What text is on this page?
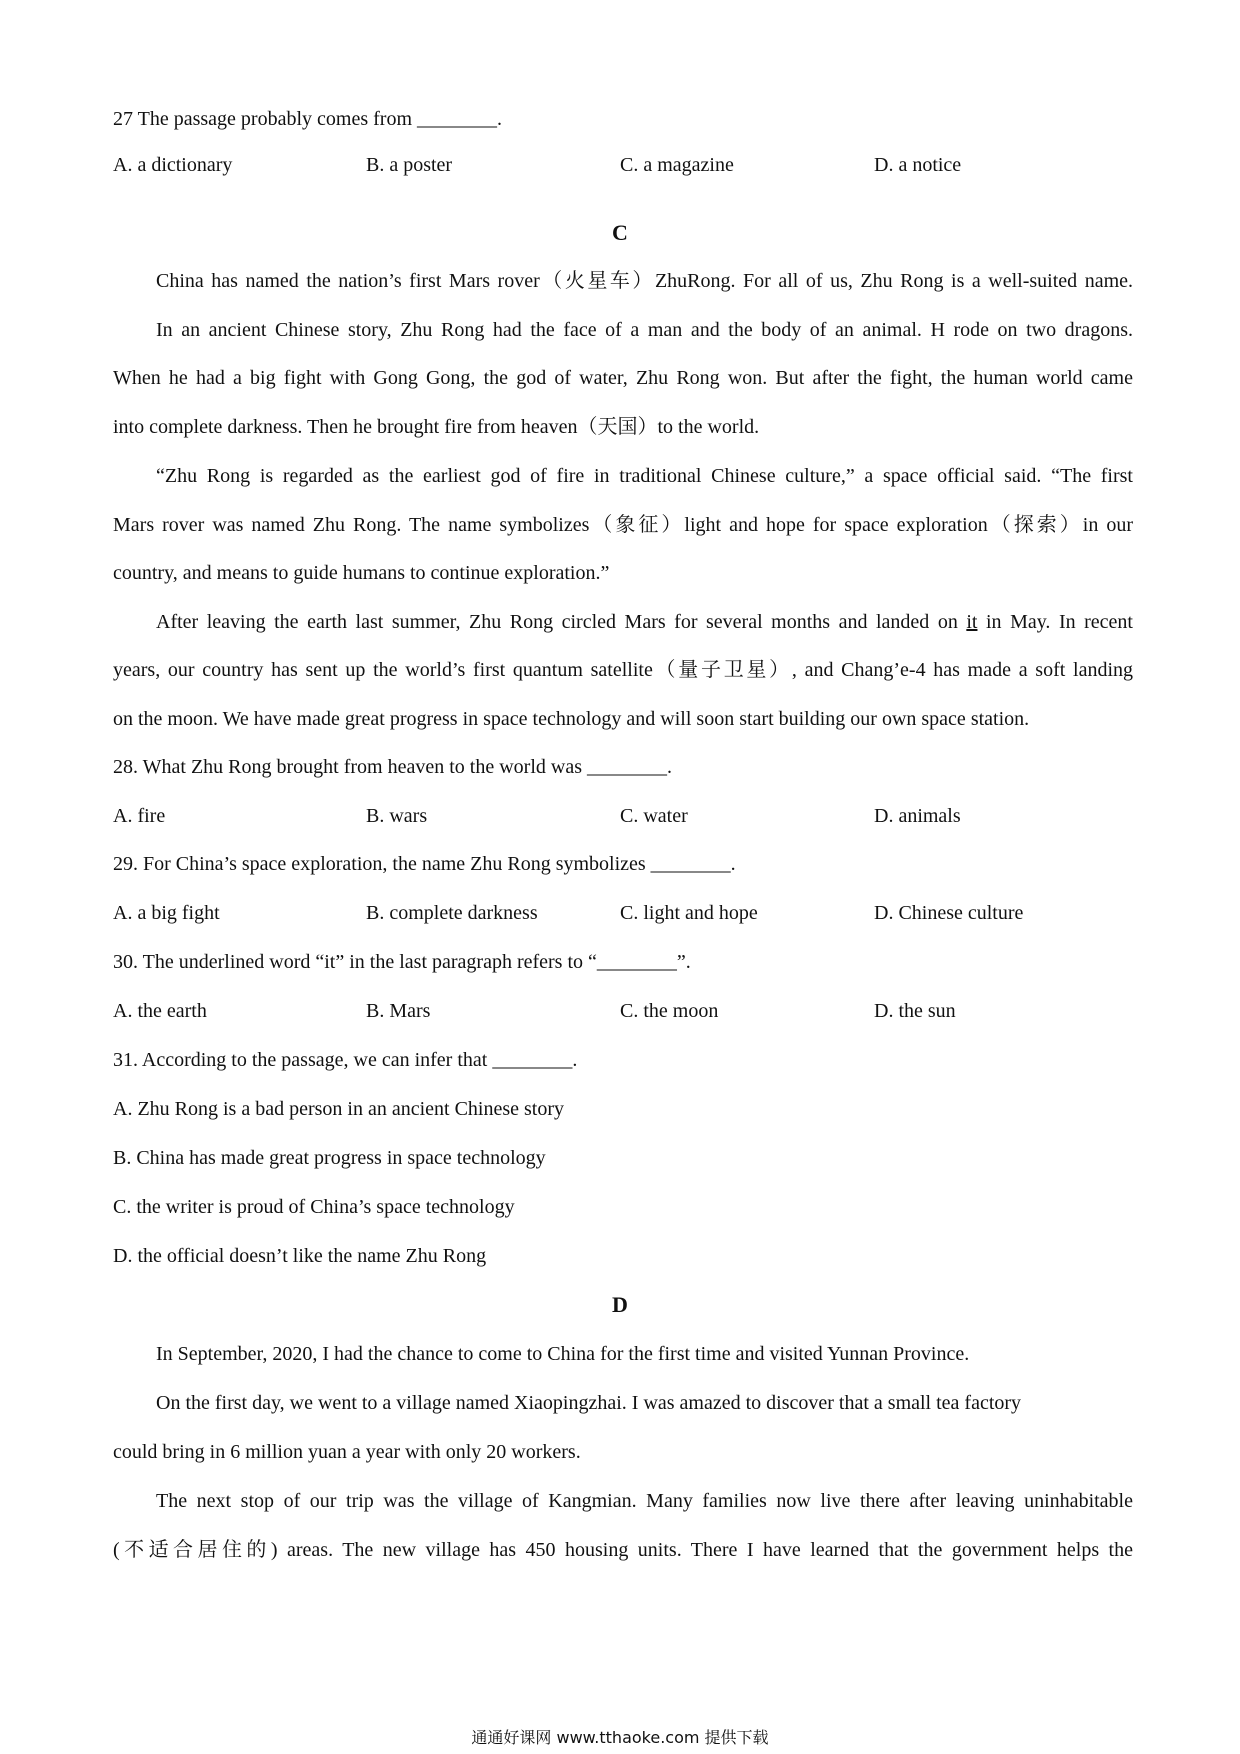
27 The passage probably comes from ________.
A. a dictionary	B. a poster	C. a magazine	D. a notice
C
China has named the nation’s first Mars rover（火星车）ZhuRong. For all of us, Zhu Rong is a well-suited name.
In an ancient Chinese story, Zhu Rong had the face of a man and the body of an animal. H rode on two dragons.
When he had a big fight with Gong Gong, the god of water, Zhu Rong won. But after the fight, the human world came
into complete darkness. Then he brought fire from heaven（天国）to the world.
“Zhu Rong is regarded as the earliest god of fire in traditional Chinese culture,” a space official said. “The first
Mars rover was named Zhu Rong. The name symbolizes（象征）light and hope for space exploration（探索）in our
country, and means to guide humans to continue exploration.”
After leaving the earth last summer, Zhu Rong circled Mars for several months and landed on it in May. In recent
years, our country has sent up the world’s first quantum satellite（量子卫星）, and Chang’e-4 has made a soft landing
on the moon. We have made great progress in space technology and will soon start building our own space station.
28. What Zhu Rong brought from heaven to the world was ________.
A. fire	B. wars	C. water	D. animals
29. For China’s space exploration, the name Zhu Rong symbolizes ________.
A. a big fight	B. complete darkness	C. light and hope	D. Chinese culture
30. The underlined word “it” in the last paragraph refers to “________”.
A. the earth	B. Mars	C. the moon	D. the sun
31. According to the passage, we can infer that ________.
A. Zhu Rong is a bad person in an ancient Chinese story
B. China has made great progress in space technology
C. the writer is proud of China’s space technology
D. the official doesn’t like the name Zhu Rong
D
In September, 2020, I had the chance to come to China for the first time and visited Yunnan Province.
On the first day, we went to a village named Xiaopingzhai. I was amazed to discover that a small tea factory
could bring in 6 million yuan a year with only 20 workers.
The next stop of our trip was the village of Kangmian. Many families now live there after leaving uninhabitable
(不适合居住的) areas. The new village has 450 housing units. There I have learned that the government helps the
通通好课网 www.tthaoke.com 提供下载
